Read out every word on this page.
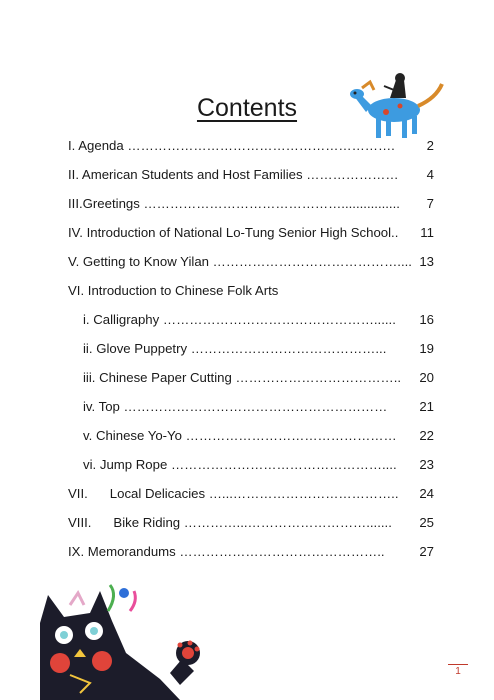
Contents
I. Agenda ……………………………………………………. 2
II. American Students and Host Families ………………… 4
III.Greetings ………………………………………................ 7
IV. Introduction of National Lo-Tung Senior High School.. 11
V. Getting to Know Yilan …………………………………….... 13
VI. Introduction to Chinese Folk Arts
i. Calligraphy …………………………………………...... 16
ii. Glove Puppetry ……………………………………... 19
iii. Chinese Paper Cutting ……………………………….. 20
iv. Top …………………………………………………… 21
v. Chinese Yo-Yo ………………………………………… 22
vi. Jump Rope ………………………………………….... 23
VII.      Local Delicacies …...……………………………….. 24
VIII.      Bike Riding …………...………………………....... 25
IX. Memorandums ………………………………………..	27
1
